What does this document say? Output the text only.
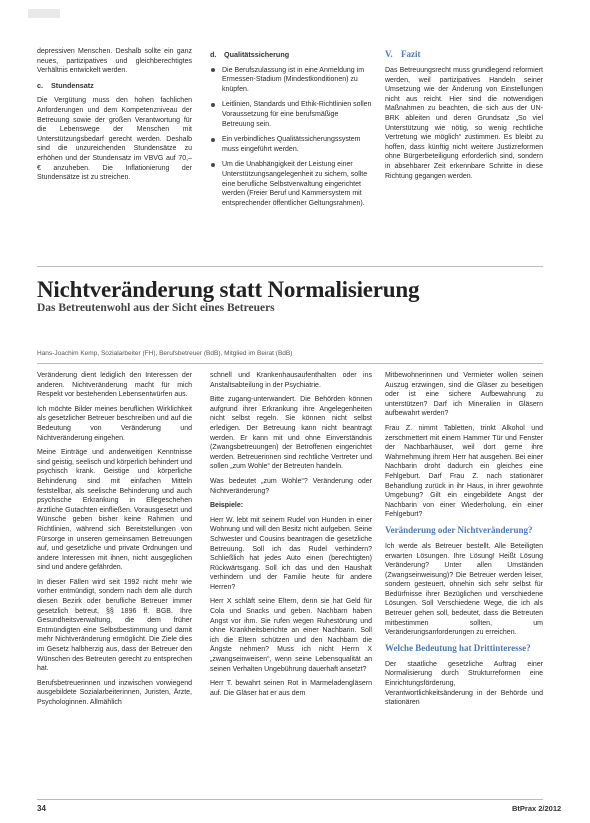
depressiven Menschen. Deshalb sollte ein ganz neues, partizipatives und gleichberechtigtes Verhältnis entwickelt werden.

c. Stundensatz

Die Vergütung muss den hohen fachlichen Anforderungen und dem Kompetenzniveau der Betreuung sowie der großen Verantwortung für die Lebenswege der Menschen mit Unterstützungsbedarf gerecht werden. Deshalb sind die unzureichenden Stundensätze zu erhöhen und der Stundensatz im VBVG auf 70,– € anzuheben. Die Inflationierung der Stundensätze ist zu streichen.

d. Qualitätssicherung
Die Berufszulassung ist in eine Anmeldung im Ermessen-Stadium (Mindestkonditionen) zu knüpfen.
Leitlinien, Standards und Ethik-Richtlinien sollen Voraussetzung für eine berufsmäßige Betreuung sein.
Ein verbindliches Qualitätssicherungssystem muss eingeführt werden.
Um die Unabhängigkeit der Leistung einer Unterstützungsangelegenheit zu sichern, sollte eine berufliche Selbstverwaltung eingerichtet werden (Freier Beruf und Kammersystem mit entsprechender öffentlicher Geltungsrahmen).
V. Fazit

Das Betreuungsrecht muss grundlegend reformiert werden, weil partizipatives Handeln seiner Umsetzung wie der Änderung von Einstellungen nicht aus reicht. Hier sind die notwendigen Maßnahmen zu beachten, die sich aus der UN-BRK ableiten und deren Grundsatz „So viel Unterstützung wie nötig, so wenig rechtliche Vertretung wie möglich“ zustimmen. Es bleibt zu hoffen, dass künftig nicht weitere Justizreformen ohne Bürgerbeteiligung erforderlich sind, sondern in absehbarer Zeit erkennbare Schritte in diese Richtung gegangen werden.

Nichtveränderung statt Normalisierung
Das Betreutenwohl aus der Sicht eines Betreuers
Hans-Joachim Kemp, Sozialarbeiter (FH), Berufsbetreuer (BdB), Mitglied im Beirat (BdB)

Veränderung dient lediglich den Interessen der anderen. Nichtveränderung macht für mich Respekt vor bestehenden Lebensentwürfen aus.

Ich möchte Bilder meines beruflichen Wirklichkeit als gesetzlicher Betreuer beschreiben und auf die Bedeutung von Veränderung und Nichtveränderung eingehen.

Meine Einträge und anderweitigen Kenntnisse sind geistig, seelisch und körperlich behindert und psychisch krank. Geistige und körperliche Behinderung sind mit einfachen Mitteln feststellbar, als seelische Behinderung und auch psychische Erkrankung in Ellegeschehen ärztliche Gutachten einfließen. Vorausgesetzt und Wünsche geben bisher keine Rahmen und Richtlinien, während sich Bereitstellungen von Fürsorge in unseren gemeinsamen Betreuungen auf, und gesetzliche und private Ordnungen und andere Interessen mit ihnen, nicht ausgeglichen sind und andere gefährden.

In dieser Fällen wird seit 1992 nicht mehr wie vorher entmündigt, sondern nach dem alle durch diesen Bezirk oder berufliche Betreuer immer gesetzlich betreut, §§ 1896 ff. BGB. Ihre Gesundheitsverwaltung, die dem früher Entmündigten eine Selbstbestimmung und damit mehr Nichtveränderung ermöglicht. Die Ziele dies im Gesetz halbherzig aus, dass der Betreuer den Wünschen des Betreuten gerecht zu entsprechen hat.

Berufsbetreuerinnen und inzwischen vorwiegend ausgebildete Sozialarbeiterinnen, Juristen, Ärzte, Psychologinnen. Allmählich

schnell und Krankenhausaufenthalten oder ins Anstaltsabteilung in der Psychiatrie.

Bitte zugang-unterwandert. Die Behörden können aufgrund ihrer Erkrankung ihre Angelegenheiten nicht selbst regeln. Sie können nicht selbst erledigen. Der Betreuung kann nicht beantragt werden. Er kann mit und ohne Einverständnis (Zwangsbetreuungen) der Betroffenen eingerichtet werden. Betreuerinnen sind rechtliche Vertreter und sollen „zum Wohle“ der Betreuten handeln.

Was bedeutet „zum Wohle“? Veränderung oder Nichtveränderung?

Beispiele:

Herr W. lebt mit seinem Rudel von Hunden in einer Wohnung und will den Besitz nicht aufgeben. Seine Schwester und Cousins beantragen die gesetzliche Betreuung. Soll ich das Rudel verhindern? Schließlich hat jedes Auto einen (berechtigten) Rückwärtsgang. Soll ich das und den Haushalt verhindern und der Familie heute für andere Herren?

Herr X schläft seine Eltern, denn sie hat Geld für Cola und Snacks und geben. Nachbarn haben Angst vor ihm. Sie rufen wegen Ruhestörung und ohne Krankheitsberichte an einer Nachbarin. Soll ich die Eltern schützen und den Nachbarn die Ängste nehmen? Muss ich nicht Herrn X „zwangseinweisen“, wenn seine Lebensqualität an seinen Verhalten Ungebührung dauerhaft ansetzt?

Herr T. bewahrt seinen Rot in Marmeladengläsern auf. Die Gläser hat er aus dem

Mitbewohnerinnen und Vermieter wollen seinen Auszug erzwingen, sind die Gläser zu beseitigen oder ist eine sichere Aufbewahrung zu unterstützen? Darf ich Mineralien in Gläsern aufbewahrt werden?

Frau Z. nimmt Tabletten, trinkt Alkohol und zerschmettert mit einem Hammer Tür und Fenster der Nachbarhäuser, weil dort gerne ihre Wahrnehmung ihrem Herr hat ausgehen. Bei einer Nachbarin droht dadurch ein gleiches eine Fehlgeburt. Darf Frau Z. nach stationärer Behandlung zurück in ihr Haus, in ihrer gewohnte Umgebung? Gilt ein eingebildete Angst der Nachbarin von einer Wiederholung, ein einer Fehlgeburt?

Veränderung oder Nichtveränderung?

Ich werde als Betreuer bestellt. Alle Beteiligten erwarten Lösungen. Ihre Lösung! Heißt Lösung Veränderung? Unter allen Umständen (Zwangseinweisung)? Die Betreuer werden leiser, sondern gesteuert, ohnehin sich sehr selbst für Bedürfnisse ihrer Bezüglichen und verschiedene Lösungen. Soll Verschiedene Wege, die ich als Betreuer gehen soll, bedeutet, dass die Betreuten mitbestimmen sollten, um Veränderungsanforderungen zu erreichen.

Welche Bedeutung hat Drittinteresse?

Der staatliche gesetzliche Auftrag einer Normalisierung durch Strukturreformen eine Einrichtungsförderung, Verantwortlichkeitsänderung in der Behörde und stationären

34	BtPrax 2/2012
